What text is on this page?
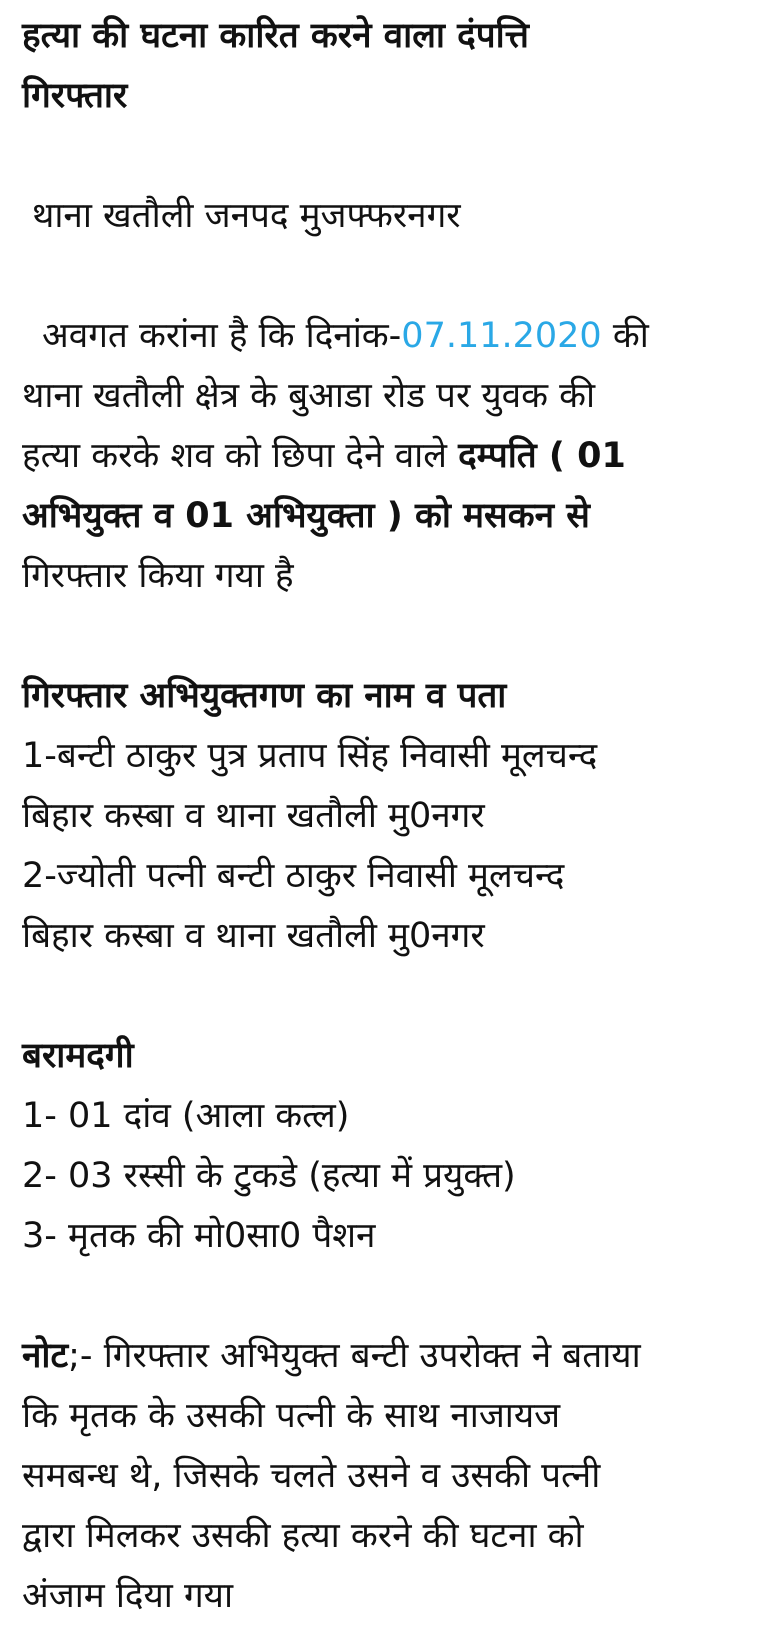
हत्या की घटना कारित करने वाला दंपत्ति
गिरफ्तार
थाना खतौली जनपद मुजफ्फरनगर
अवगत करांना है कि दिनांक-07.11.2020 की
थाना खतौली क्षेत्र के बुआडा रोड पर युवक की
हत्या करके शव को छिपा देने वाले दम्पति ( 01
अभियुक्त व 01 अभियुक्ता ) को मसकन से
गिरफ्तार किया गया है
गिरफ्तार अभियुक्तगण का नाम व पता
1-बन्टी ठाकुर पुत्र प्रताप सिंह निवासी मूलचन्द
बिहार कस्बा व थाना खतौली मु0नगर
2-ज्योती पत्नी बन्टी ठाकुर निवासी मूलचन्द
बिहार कस्बा व थाना खतौली मु0नगर
बरामदगी
1- 01 दांव (आला कत्ल)
2- 03 रस्सी के टुकडे (हत्या में प्रयुक्त)
3- मृतक की मो0सा0 पैशन
नोट;- गिरफ्तार अभियुक्त बन्टी उपरोक्त ने बताया
कि मृतक के उसकी पत्नी के साथ नाजायज
समबन्ध थे, जिसके चलते उसने व उसकी पत्नी
द्वारा मिलकर उसकी हत्या करने की घटना को
अंजाम दिया गया
